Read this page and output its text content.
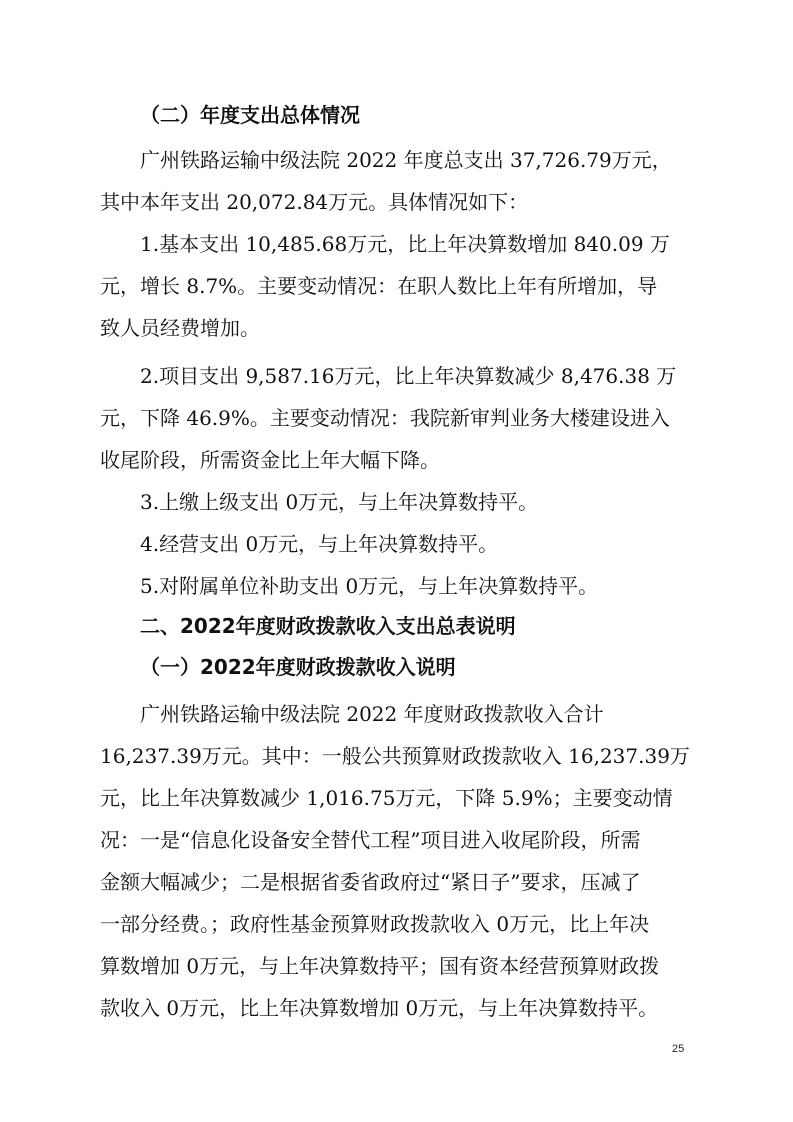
（二）年度支出总体情况
广州铁路运输中级法院 2022 年度总支出 37,726.79万元，
其中本年支出 20,072.84万元。具体情况如下：
1.基本支出 10,485.68万元，比上年决算数增加 840.09 万
元，增长 8.7%。主要变动情况：在职人数比上年有所增加，导
致人员经费增加。
2.项目支出 9,587.16万元，比上年决算数减少 8,476.38 万
元，下降 46.9%。主要变动情况：我院新审判业务大楼建设进入
收尾阶段，所需资金比上年大幅下降。
3.上缴上级支出 0万元，与上年决算数持平。
4.经营支出 0万元，与上年决算数持平。
5.对附属单位补助支出 0万元，与上年决算数持平。
二、2022年度财政拨款收入支出总表说明
（一）2022年度财政拨款收入说明
广州铁路运输中级法院 2022 年度财政拨款收入合计
16,237.39万元。其中：一般公共预算财政拨款收入 16,237.39万
元，比上年决算数减少 1,016.75万元，下降 5.9%；主要变动情
况：一是“信息化设备安全替代工程”项目进入收尾阶段，所需
金额大幅减少；二是根据省委省政府过“紧日子”要求，压减了
一部分经费。；政府性基金预算财政拨款收入 0万元，比上年决
算数增加 0万元，与上年决算数持平；国有资本经营预算财政拨
款收入 0万元，比上年决算数增加 0万元，与上年决算数持平。
25
